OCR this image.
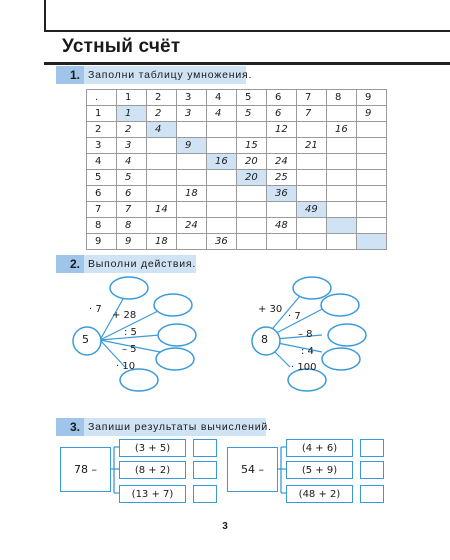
Устный счёт
1. Заполни таблицу умножения.
.	1	2	3	4	5	6	7	8	9
1	1	2	3	4	5	6	7		9
2	2	4				12		16	
3	3		9		15		21		
4	4			16	20	24			
5	5				20	25			
6	6		18			36			
7	7	14					49		
8	8		24			48			
9	9	18		36					
2. Выполни действия.
5
· 7
+ 28
: 5
– 5
· 10
8
+ 30
· 7
– 8
: 4
· 100
3. Запиши результаты вычислений.
78 –
(3 + 5)
(8 + 2)
(13 + 7)
54 –
(4 + 6)
(5 + 9)
(48 + 2)
3
